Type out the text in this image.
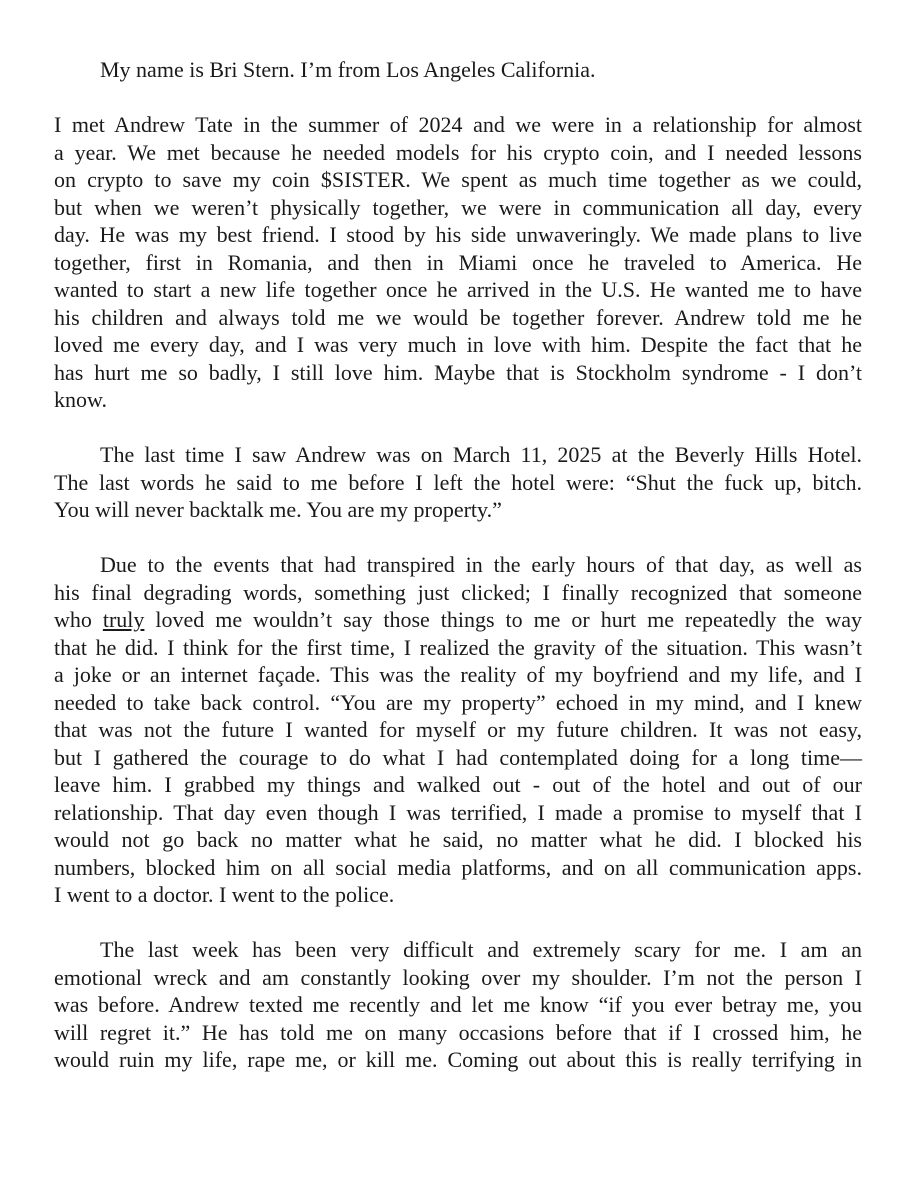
My name is Bri Stern. I’m from Los Angeles California.
I met Andrew Tate in the summer of 2024 and we were in a relationship for almost
a year. We met because he needed models for his crypto coin, and I needed lessons
on crypto to save my coin $SISTER. We spent as much time together as we could,
but when we weren’t physically together, we were in communication all day, every
day. He was my best friend. I stood by his side unwaveringly. We made plans to live
together, first in Romania, and then in Miami once he traveled to America. He
wanted to start a new life together once he arrived in the U.S. He wanted me to have
his children and always told me we would be together forever. Andrew told me he
loved me every day, and I was very much in love with him. Despite the fact that he
has hurt me so badly, I still love him. Maybe that is Stockholm syndrome - I don’t
know.
The last time I saw Andrew was on March 11, 2025 at the Beverly Hills Hotel.
The last words he said to me before I left the hotel were: “Shut the fuck up, bitch.
You will never backtalk me. You are my property.”
Due to the events that had transpired in the early hours of that day, as well as
his final degrading words, something just clicked; I finally recognized that someone
who truly loved me wouldn’t say those things to me or hurt me repeatedly the way
that he did. I think for the first time, I realized the gravity of the situation. This wasn’t
a joke or an internet façade. This was the reality of my boyfriend and my life, and I
needed to take back control. “You are my property” echoed in my mind, and I knew
that was not the future I wanted for myself or my future children. It was not easy,
but I gathered the courage to do what I had contemplated doing for a long time—
leave him. I grabbed my things and walked out - out of the hotel and out of our
relationship. That day even though I was terrified, I made a promise to myself that I
would not go back no matter what he said, no matter what he did. I blocked his
numbers, blocked him on all social media platforms, and on all communication apps.
I went to a doctor. I went to the police.
The last week has been very difficult and extremely scary for me. I am an
emotional wreck and am constantly looking over my shoulder. I’m not the person I
was before. Andrew texted me recently and let me know “if you ever betray me, you
will regret it.” He has told me on many occasions before that if I crossed him, he
would ruin my life, rape me, or kill me. Coming out about this is really terrifying in
